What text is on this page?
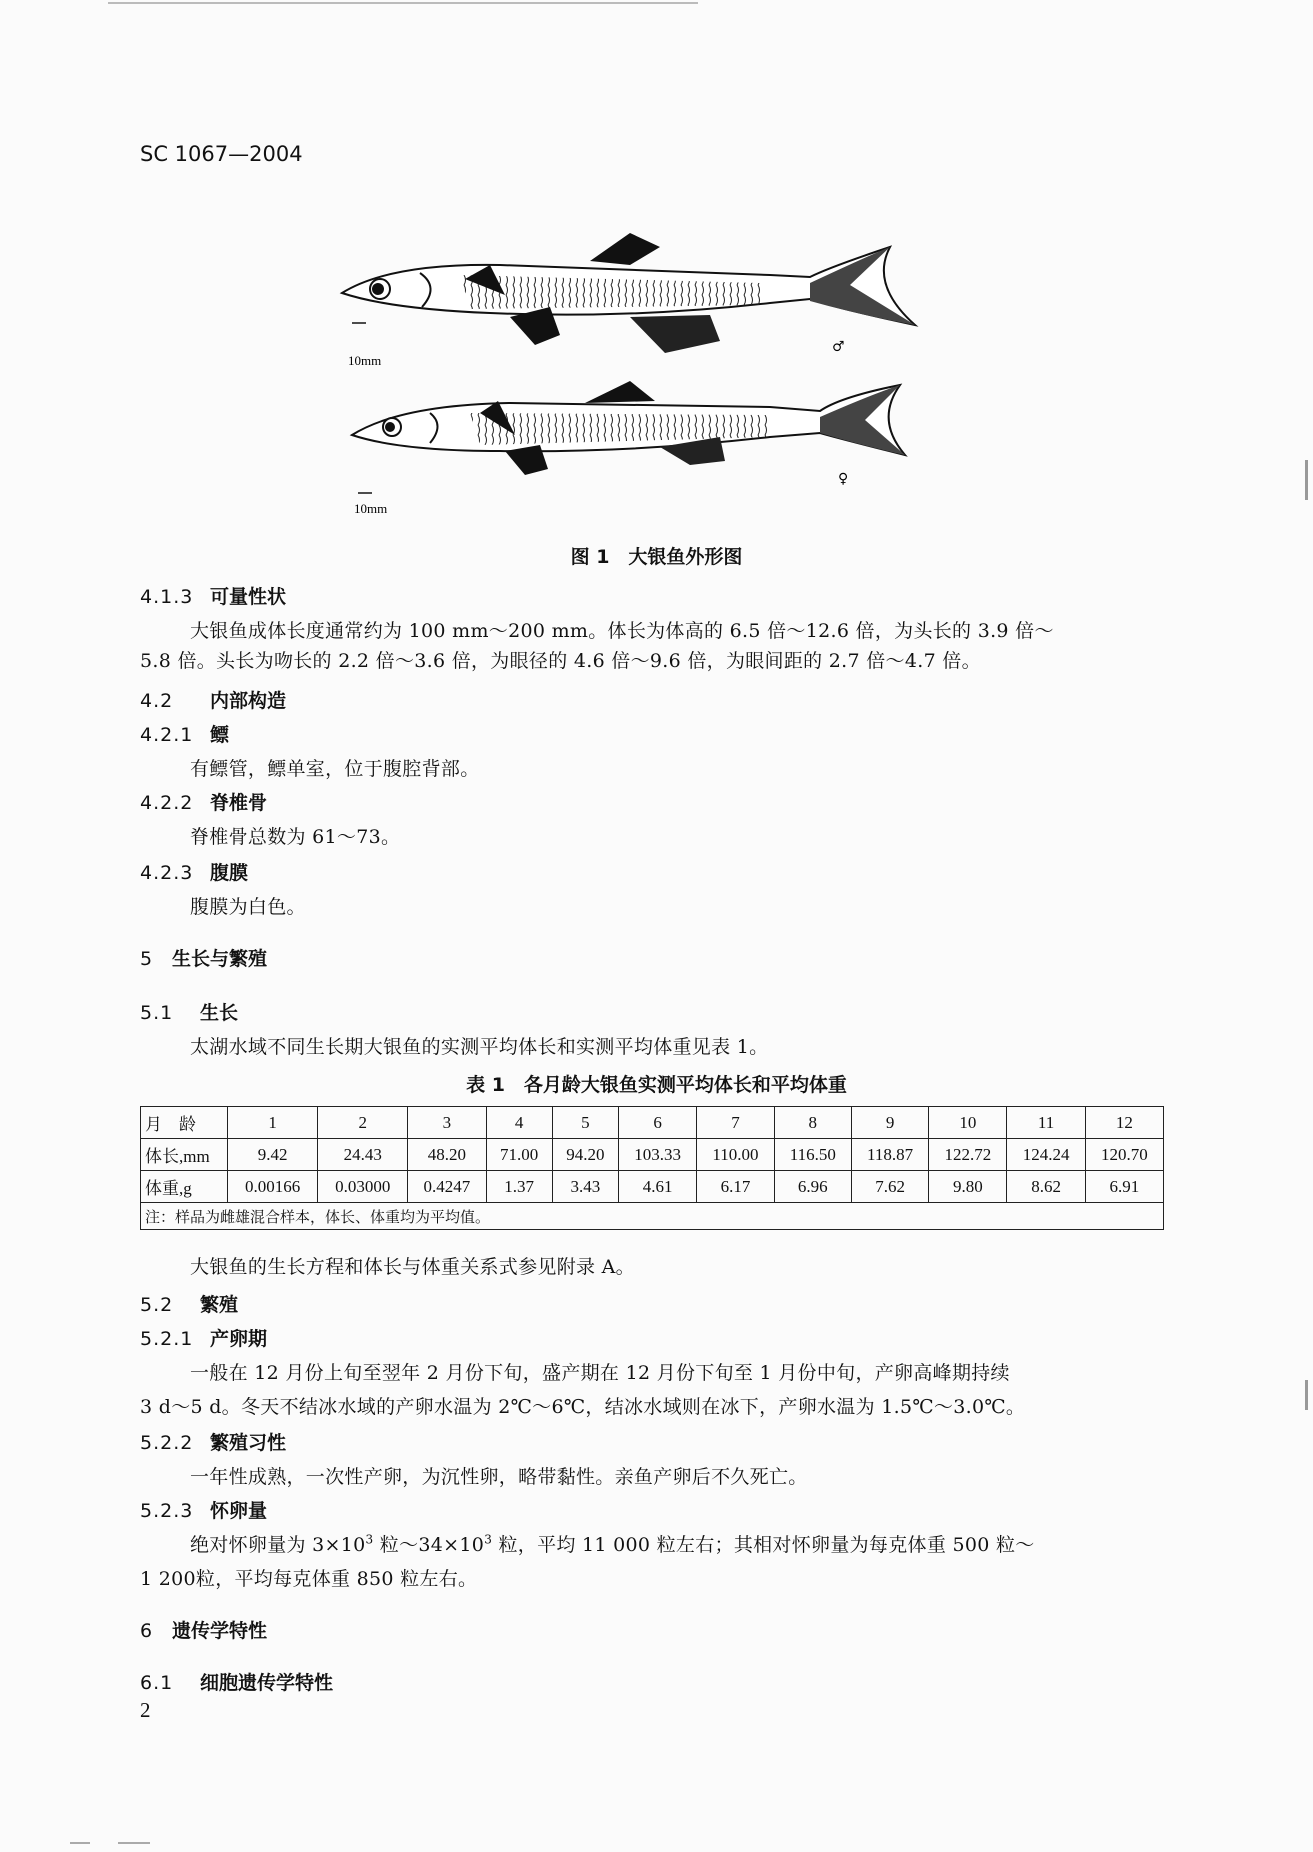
SC 1067—2004
10mm
10mm
♂
♀
图 1　大银鱼外形图
4.1.3 可量性状
大银鱼成体长度通常约为 100 mm～200 mm。体长为体高的 6.5 倍～12.6 倍，为头长的 3.9 倍～
5.8 倍。头长为吻长的 2.2 倍～3.6 倍，为眼径的 4.6 倍～9.6 倍，为眼间距的 2.7 倍～4.7 倍。
4.2 内部构造
4.2.1 鳔
有鳔管，鳔单室，位于腹腔背部。
4.2.2 脊椎骨
脊椎骨总数为 61～73。
4.2.3 腹膜
腹膜为白色。
5 生长与繁殖
5.1 生长
太湖水域不同生长期大银鱼的实测平均体长和实测平均体重见表 1。
表 1　各月龄大银鱼实测平均体长和平均体重
月　龄	1	2	3	4	5	6	7	8	9	10	11	12
体长,mm	9.42	24.43	48.20	71.00	94.20	103.33	110.00	116.50	118.87	122.72	124.24	120.70
体重,g	0.00166	0.03000	0.4247	1.37	3.43	4.61	6.17	6.96	7.62	9.80	8.62	6.91
注：样品为雌雄混合样本，体长、体重均为平均值。												
大银鱼的生长方程和体长与体重关系式参见附录 A。
5.2 繁殖
5.2.1 产卵期
一般在 12 月份上旬至翌年 2 月份下旬，盛产期在 12 月份下旬至 1 月份中旬，产卵高峰期持续
3 d～5 d。冬天不结冰水域的产卵水温为 2℃～6℃，结冰水域则在冰下，产卵水温为 1.5℃～3.0℃。
5.2.2 繁殖习性
一年性成熟，一次性产卵，为沉性卵，略带黏性。亲鱼产卵后不久死亡。
5.2.3 怀卵量
绝对怀卵量为 $3\times 10^3$ 粒$\sim 34\times 10^3$ 粒，平均 11 000 粒左右；其相对怀卵量为每克体重 500 粒～
1 200粒，平均每克体重 850 粒左右。
6 遗传学特性
6.1 细胞遗传学特性
2
